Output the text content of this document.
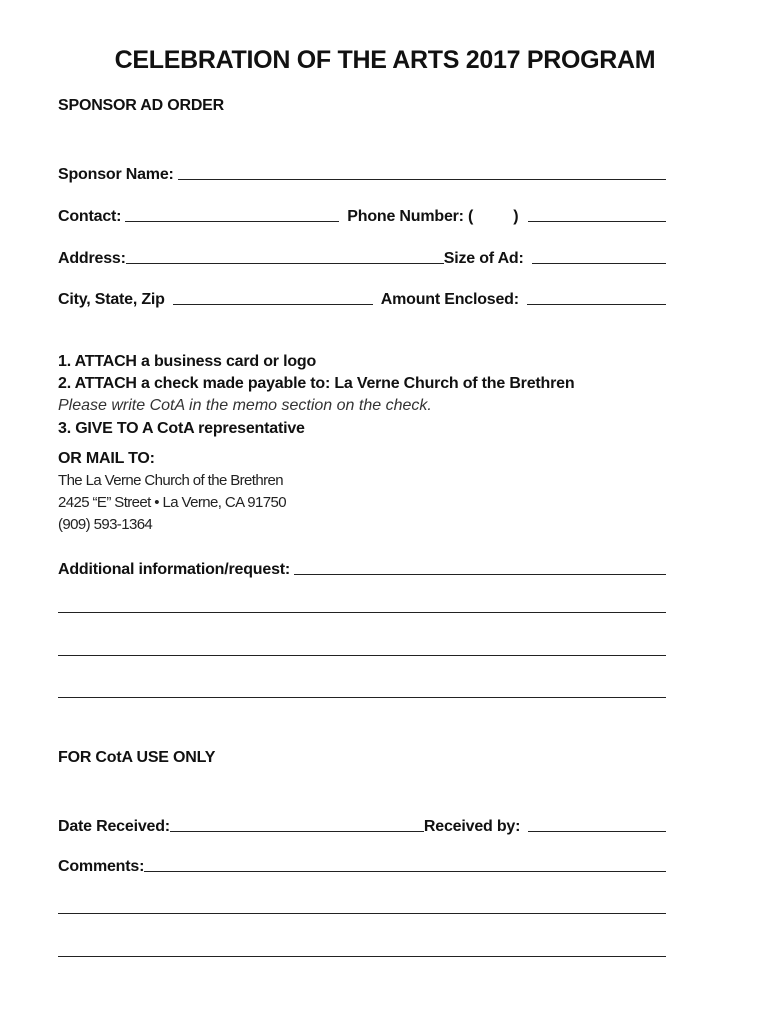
CELEBRATION OF THE ARTS 2017 PROGRAM
SPONSOR AD ORDER
Sponsor Name:
Contact:	Phone Number: (	)
Address:	Size of Ad:
City, State, Zip	Amount Enclosed:
1. ATTACH a business card or logo
2. ATTACH a check made payable to: La Verne Church of the Brethren
Please write CotA in the memo section on the check.
3. GIVE TO A CotA representative
OR MAIL TO:
The La Verne Church of the Brethren
2425 “E” Street • La Verne, CA 91750
(909) 593-1364
Additional information/request:
FOR CotA USE ONLY
Date Received:	Received by:
Comments:
